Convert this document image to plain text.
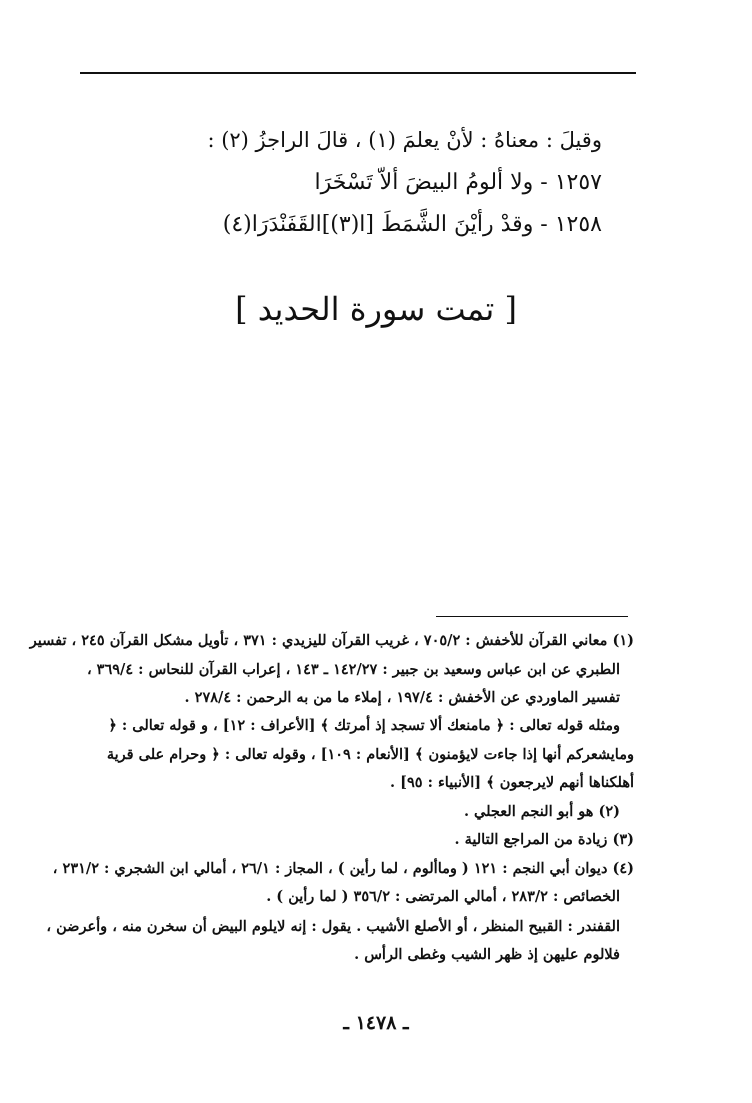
وقيلَ : معناهُ : لأنْ يعلمَ (١) ، قالَ الراجزُ (٢) :
١٢٥٧ - ولا ألومُ البيضَ ألاّ تَسْخَرَا
١٢٥٨ - وقدْ رأيْنَ الشَّمَطَ [ا(٣)]القَفَنْدَرَا(٤)
[ تمت سورة الحديد ]
(١) معاني القرآن للأخفش : ٧٠٥/٢ ، غريب القرآن لليزيدي : ٣٧١ ، تأويل مشكل القرآن ٢٤٥ ، تفسير
الطبري عن ابن عباس وسعيد بن جبير : ١٤٢/٢٧ ـ ١٤٣ ، إعراب القرآن للنحاس : ٣٦٩/٤ ،
تفسير الماوردي عن الأخفش : ١٩٧/٤ ، إملاء ما من به الرحمن : ٢٧٨/٤ .
ومثله قوله تعالى : ﴿ مامنعك ألا تسجد إذ أمرتك ﴾ [الأعراف : ١٢] ، و قوله تعالى : ﴿
ومايشعركم أنها إذا جاءت لايؤمنون ﴾ [الأنعام : ١٠٩] ، وقوله تعالى : ﴿ وحرام على قرية
أهلكناها أنهم لايرجعون ﴾ [الأنبياء : ٩٥] .
(٢) هو أبو النجم العجلي .
(٣) زيادة من المراجع التالية .
(٤) ديوان أبي النجم : ١٢١ ( وماألوم ، لما رأين ) ، المجاز : ٢٦/١ ، أمالي ابن الشجري : ٢٣١/٢ ،
الخصائص : ٢٨٣/٢ ، أمالي المرتضى : ٣٥٦/٢ ( لما رأين ) .
القفندر : القبيح المنظر ، أو الأصلع الأشيب . يقول : إنه لايلوم البيض أن سخرن منه ، وأعرضن ،
فلالوم عليهن إذ ظهر الشيب وغطى الرأس .
ـ ١٤٧٨ ـ
